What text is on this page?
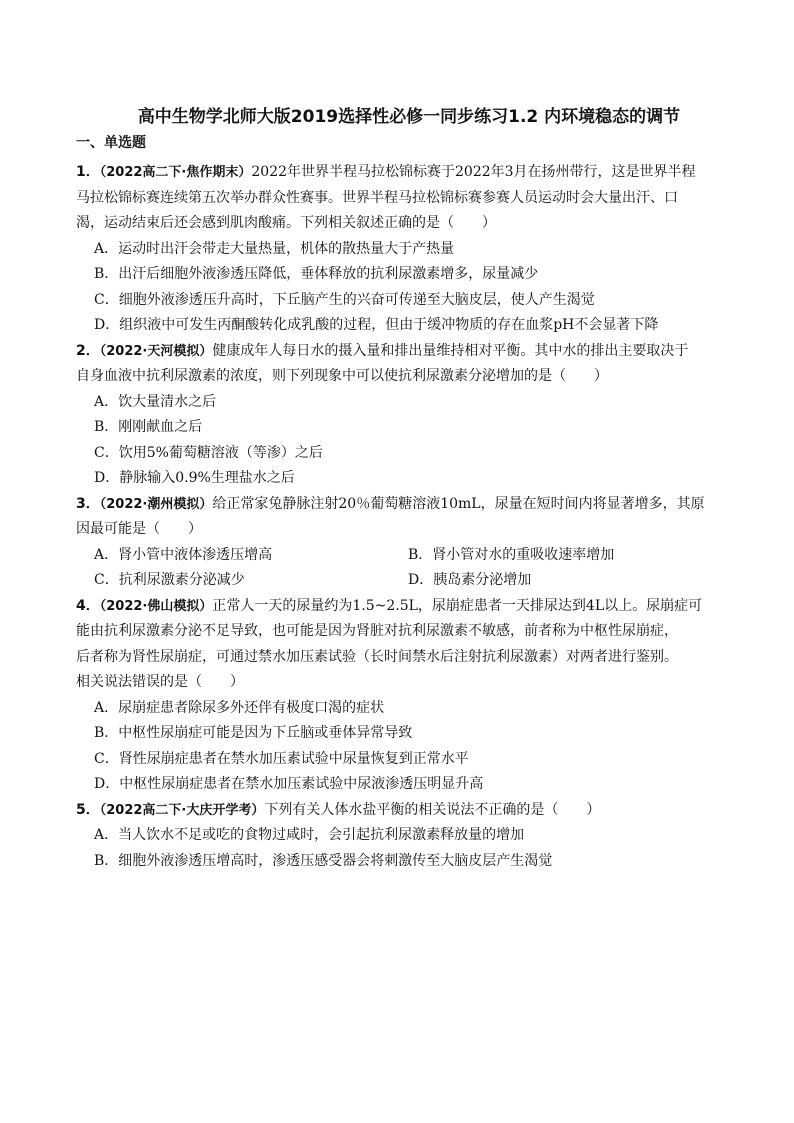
高中生物学北师大版2019选择性必修一同步练习1.2 内环境稳态的调节
一、单选题
1．（2022高二下·焦作期末）2022年世界半程马拉松锦标赛于2022年3月在扬州带行，这是世界半程
马拉松锦标赛连续第五次举办群众性赛事。世界半程马拉松锦标赛参赛人员运动时会大量出汗、口
渴，运动结束后还会感到肌肉酸痛。下列相关叙述正确的是（　　）
A．运动时出汗会带走大量热量，机体的散热量大于产热量
B．出汗后细胞外液渗透压降低，垂体释放的抗利尿激素增多，尿量减少
C．细胞外液渗透压升高时，下丘脑产生的兴奋可传递至大脑皮层，使人产生渴觉
D．组织液中可发生丙酮酸转化成乳酸的过程，但由于缓冲物质的存在血浆pH不会显著下降
2．（2022·天河模拟）健康成年人每日水的摄入量和排出量维持相对平衡。其中水的排出主要取决于
自身血液中抗利尿激素的浓度，则下列现象中可以使抗利尿激素分泌增加的是（　　）
A．饮大量清水之后
B．刚刚献血之后
C．饮用5%葡萄糖溶液（等渗）之后
D．静脉输入0.9%生理盐水之后
3．（2022·潮州模拟）给正常家兔静脉注射20％葡萄糖溶液10mL，尿量在短时间内将显著增多，其原
因最可能是（　　）
A．肾小管中液体渗透压增高	B．肾小管对水的重吸收速率增加
C．抗利尿激素分泌减少	D．胰岛素分泌增加
4．（2022·佛山模拟）正常人一天的尿量约为1.5~2.5L，尿崩症患者一天排尿达到4L以上。尿崩症可
能由抗利尿激素分泌不足导致，也可能是因为肾脏对抗利尿激素不敏感，前者称为中枢性尿崩症，
后者称为肾性尿崩症，可通过禁水加压素试验（长时间禁水后注射抗利尿激素）对两者进行鉴别。
相关说法错误的是（　　）
A．尿崩症患者除尿多外还伴有极度口渴的症状
B．中枢性尿崩症可能是因为下丘脑或垂体异常导致
C．肾性尿崩症患者在禁水加压素试验中尿量恢复到正常水平
D．中枢性尿崩症患者在禁水加压素试验中尿液渗透压明显升高
5．（2022高二下·大庆开学考）下列有关人体水盐平衡的相关说法不正确的是（　　）
A．当人饮水不足或吃的食物过咸时，会引起抗利尿激素释放量的增加
B．细胞外液渗透压增高时，渗透压感受器会将刺激传至大脑皮层产生渴觉
